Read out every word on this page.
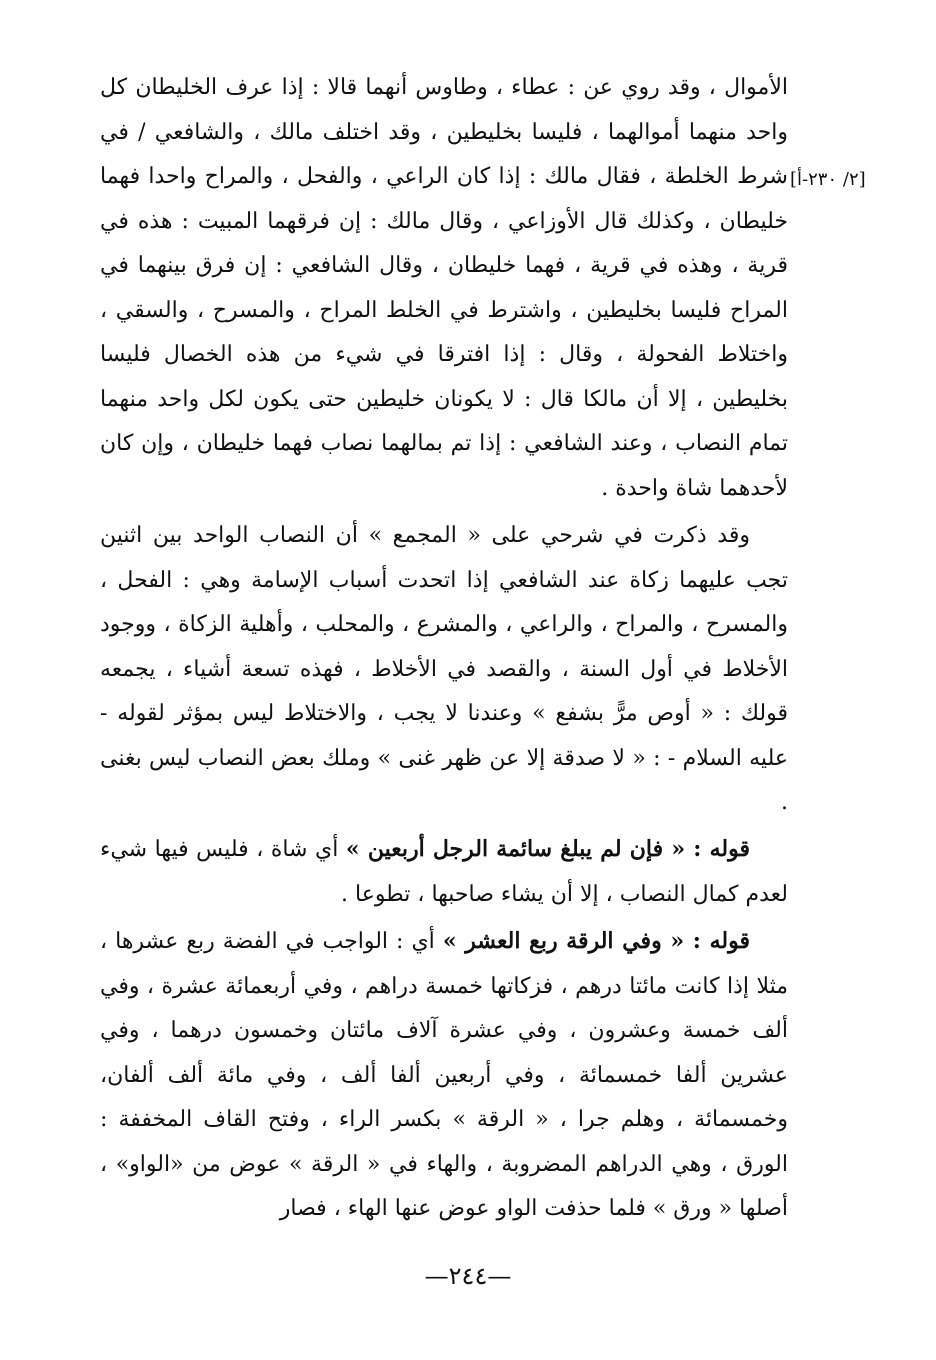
[٢/ ٢٣٠-أ]

الأموال ، وقد روي عن : عطاء ، وطاوس أنهما قالا : إذا عرف الخليطان كل واحد منهما أموالهما ، فليسا بخليطين ، وقد اختلف مالك ، والشافعي / في شرط الخلطة ، فقال مالك : إذا كان الراعي ، والفحل ، والمراح واحدا فهما خليطان ، وكذلك قال الأوزاعي ، وقال مالك : إن فرقهما المبيت : هذه في قرية ، وهذه في قرية ، فهما خليطان ، وقال الشافعي : إن فرق بينهما في المراح فليسا بخليطين ، واشترط في الخلط المراح ، والمسرح ، والسقي ، واختلاط الفحولة ، وقال : إذا افترقا في شيء من هذه الخصال فليسا بخليطين ، إلا أن مالكا قال : لا يكونان خليطين حتى يكون لكل واحد منهما تمام النصاب ، وعند الشافعي : إذا تم بمالهما نصاب فهما خليطان ، وإن كان لأحدهما شاة واحدة .

وقد ذكرت في شرحي على « المجمع » أن النصاب الواحد بين اثنين تجب عليهما زكاة عند الشافعي إذا اتحدت أسباب الإسامة وهي : الفحل ، والمسرح ، والمراح ، والراعي ، والمشرع ، والمحلب ، وأهلية الزكاة ، ووجود الأخلاط في أول السنة ، والقصد في الأخلاط ، فهذه تسعة أشياء ، يجمعه قولك : « أوص مرًّ بشفع » وعندنا لا يجب ، والاختلاط ليس بمؤثر لقوله - عليه السلام - : « لا صدقة إلا عن ظهر غنى » وملك بعض النصاب ليس بغنى .

قوله : « فإن لم يبلغ سائمة الرجل أربعين » أي شاة ، فليس فيها شيء لعدم كمال النصاب ، إلا أن يشاء صاحبها ، تطوعا .

قوله : « وفي الرقة ربع العشر » أي : الواجب في الفضة ربع عشرها ، مثلا إذا كانت مائتا درهم ، فزكاتها خمسة دراهم ، وفي أربعمائة عشرة ، وفي ألف خمسة وعشرون ، وفي عشرة آلاف مائتان وخمسون درهما ، وفي عشرين ألفا خمسمائة ، وفي أربعين ألفا ألف ، وفي مائة ألف ألفان، وخمسمائة ، وهلم جرا ، « الرقة » بكسر الراء ، وفتح القاف المخففة : الورق ، وهي الدراهم المضروبة ، والهاء في « الرقة » عوض من «الواو» ، أصلها « ورق » فلما حذفت الواو عوض عنها الهاء ، فصار

—٢٤٤—
